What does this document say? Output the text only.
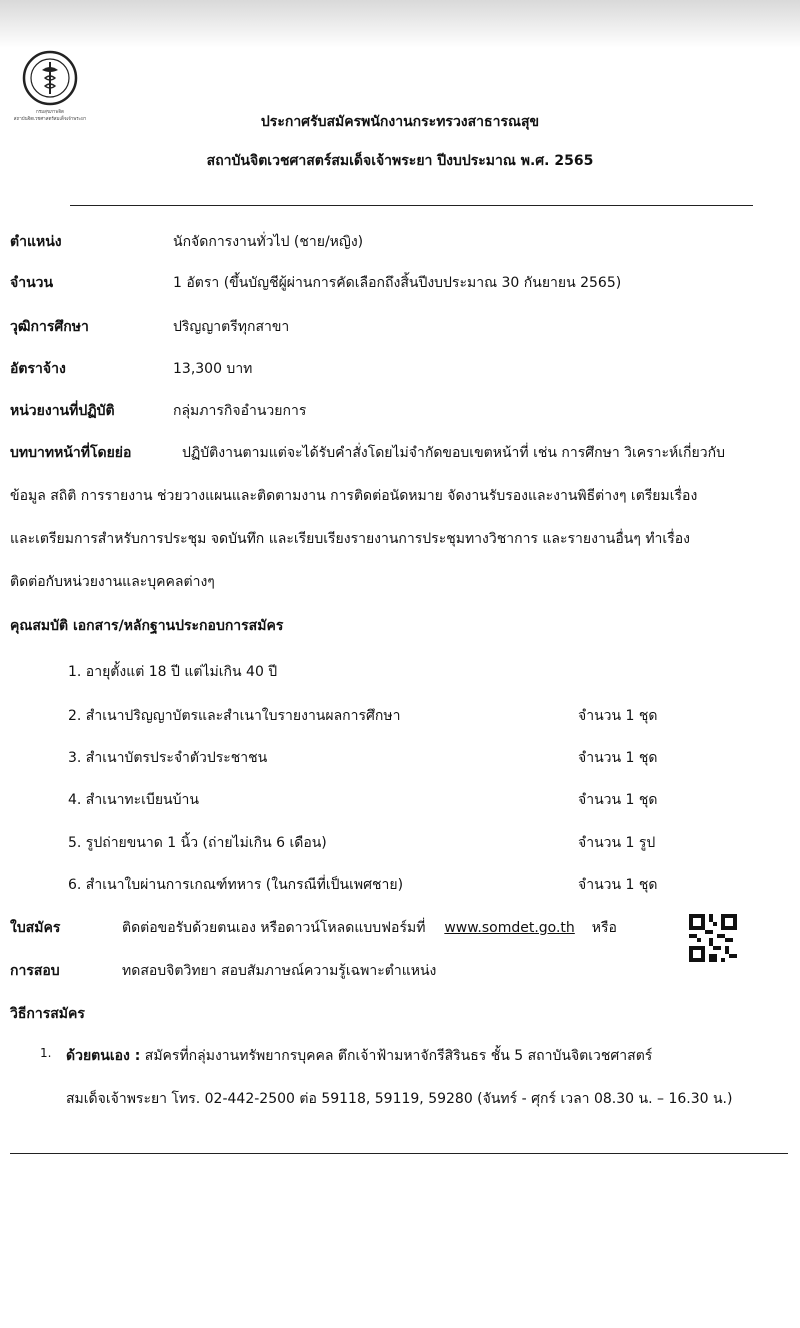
กรมสุขภาพจิต
สถาบันจิตเวชศาสตร์สมเด็จเจ้าพระยา	ประกาศรับสมัครพนักงานกระทรวงสาธารณสุข
สถาบันจิตเวชศาสตร์สมเด็จเจ้าพระยา ปีงบประมาณ พ.ศ. 2565
ตำแหน่ง	นักจัดการงานทั่วไป (ชาย/หญิง)
จำนวน	1 อัตรา (ขึ้นบัญชีผู้ผ่านการคัดเลือกถึงสิ้นปีงบประมาณ 30 กันยายน 2565)
วุฒิการศึกษา	ปริญญาตรีทุกสาขา
อัตราจ้าง	13,300 บาท
หน่วยงานที่ปฏิบัติ	กลุ่มภารกิจอำนวยการ
บทบาทหน้าที่โดยย่อ	ปฏิบัติงานตามแต่จะได้รับคำสั่งโดยไม่จำกัดขอบเขตหน้าที่ เช่น การศึกษา วิเคราะห์เกี่ยวกับ
ข้อมูล สถิติ การรายงาน ช่วยวางแผนและติดตามงาน การติดต่อนัดหมาย จัดงานรับรองและงานพิธีต่างๆ เตรียมเรื่อง
และเตรียมการสำหรับการประชุม จดบันทึก และเรียบเรียงรายงานการประชุมทางวิชาการ และรายงานอื่นๆ ทำเรื่อง
ติดต่อกับหน่วยงานและบุคคลต่างๆ
คุณสมบัติ เอกสาร/หลักฐานประกอบการสมัคร
1. อายุตั้งแต่ 18 ปี แต่ไม่เกิน 40 ปี
2. สำเนาปริญญาบัตรและสำเนาใบรายงานผลการศึกษา	จำนวน 1 ชุด
3. สำเนาบัตรประจำตัวประชาชน	จำนวน 1 ชุด
4. สำเนาทะเบียนบ้าน	จำนวน 1 ชุด
5. รูปถ่ายขนาด 1 นิ้ว (ถ่ายไม่เกิน 6 เดือน)	จำนวน 1 รูป
6. สำเนาใบผ่านการเกณฑ์ทหาร (ในกรณีที่เป็นเพศชาย)	จำนวน 1 ชุด
ใบสมัคร	ติดต่อขอรับด้วยตนเอง หรือดาวน์โหลดแบบฟอร์มที่ www.somdet.go.th หรือ
การสอบ	ทดสอบจิตวิทยา สอบสัมภาษณ์ความรู้เฉพาะตำแหน่ง
วิธีการสมัคร
1. ด้วยตนเอง : สมัครที่กลุ่มงานทรัพยากรบุคคล ตึกเจ้าฟ้ามหาจักรีสิรินธร ชั้น 5 สถาบันจิตเวชศาสตร์
สมเด็จเจ้าพระยา โทร. 02-442-2500 ต่อ 59118, 59119, 59280 (จันทร์ - ศุกร์ เวลา 08.30 น. – 16.30 น.)
